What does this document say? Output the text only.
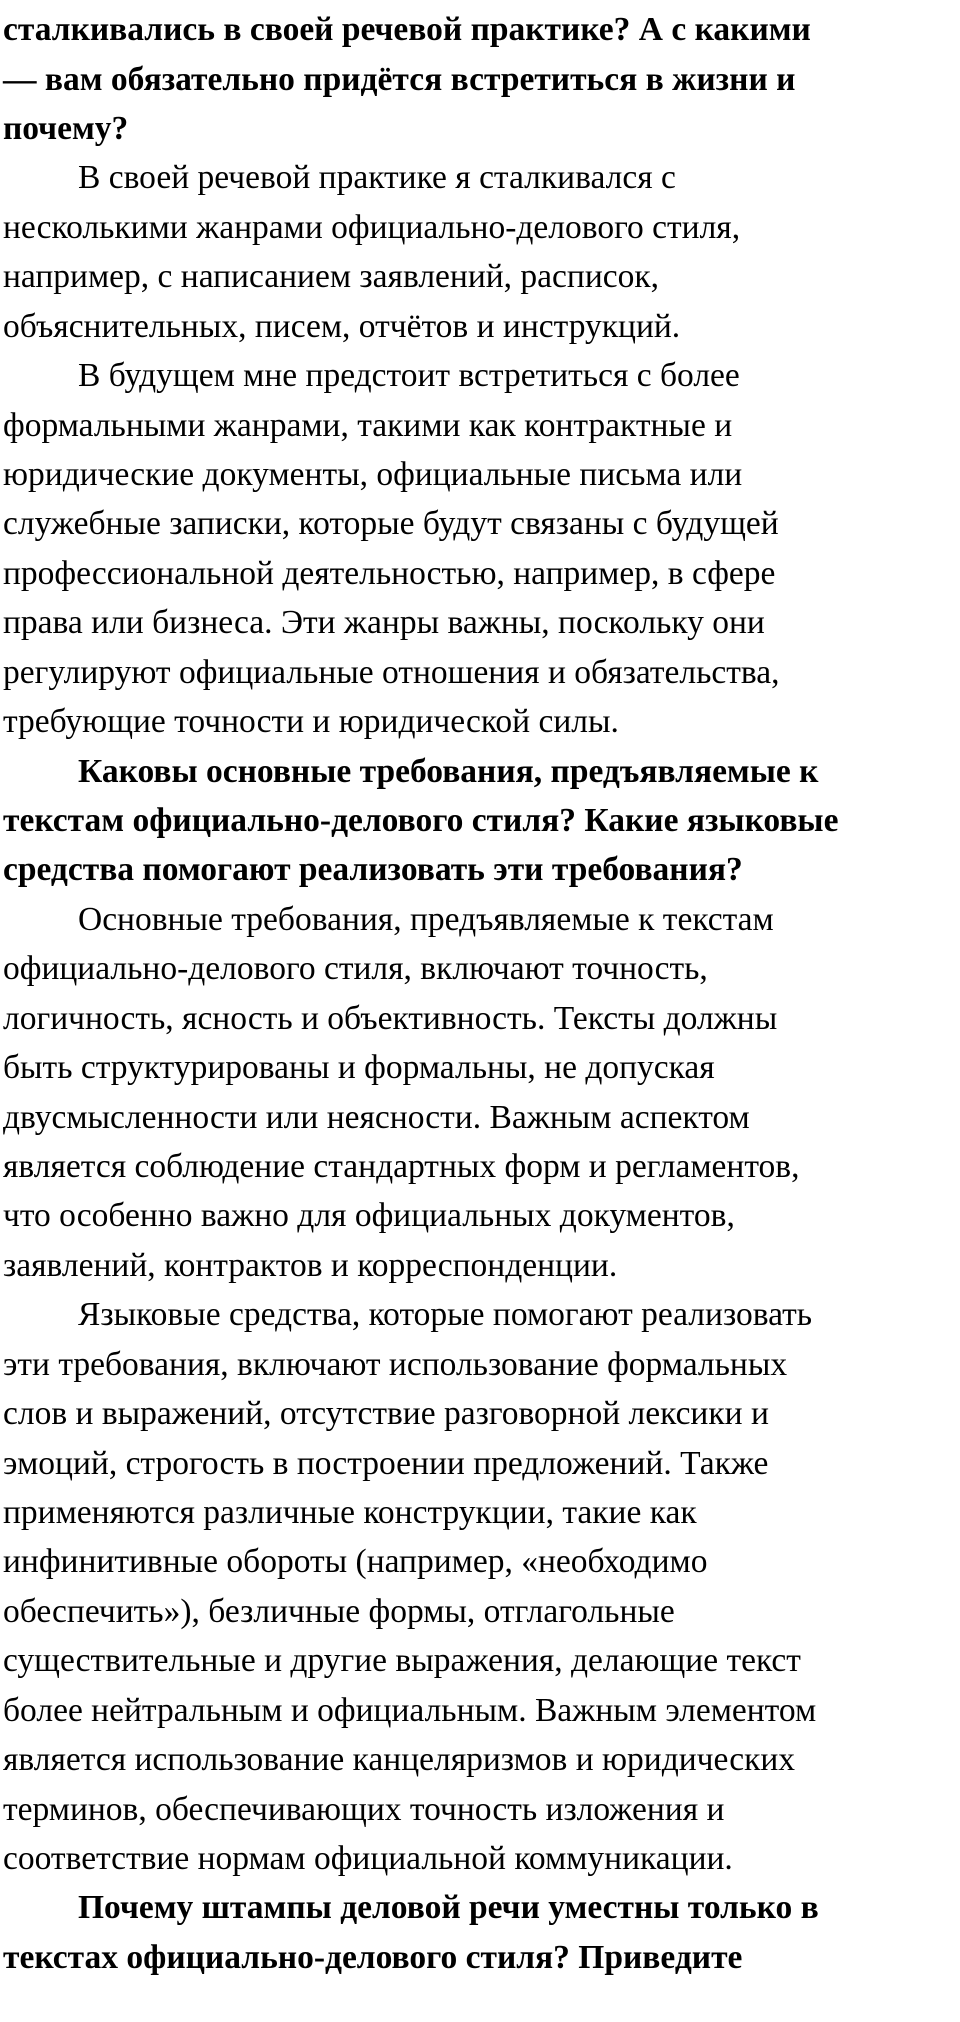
сталкивались в своей речевой практике? А с какими
— вам обязательно придётся встретиться в жизни и
почему?
В своей речевой практике я сталкивался с
несколькими жанрами официально-делового стиля,
например, с написанием заявлений, расписок,
объяснительных, писем, отчётов и инструкций.
В будущем мне предстоит встретиться с более
формальными жанрами, такими как контрактные и
юридические документы, официальные письма или
служебные записки, которые будут связаны с будущей
профессиональной деятельностью, например, в сфере
права или бизнеса. Эти жанры важны, поскольку они
регулируют официальные отношения и обязательства,
требующие точности и юридической силы.
Каковы основные требования, предъявляемые к
текстам официально-делового стиля? Какие языковые
средства помогают реализовать эти требования?
Основные требования, предъявляемые к текстам
официально-делового стиля, включают точность,
логичность, ясность и объективность. Тексты должны
быть структурированы и формальны, не допуская
двусмысленности или неясности. Важным аспектом
является соблюдение стандартных форм и регламентов,
что особенно важно для официальных документов,
заявлений, контрактов и корреспонденции.
Языковые средства, которые помогают реализовать
эти требования, включают использование формальных
слов и выражений, отсутствие разговорной лексики и
эмоций, строгость в построении предложений. Также
применяются различные конструкции, такие как
инфинитивные обороты (например, «необходимо
обеспечить»), безличные формы, отглагольные
существительные и другие выражения, делающие текст
более нейтральным и официальным. Важным элементом
является использование канцеляризмов и юридических
терминов, обеспечивающих точность изложения и
соответствие нормам официальной коммуникации.
Почему штампы деловой речи уместны только в
текстах официально-делового стиля? Приведите
